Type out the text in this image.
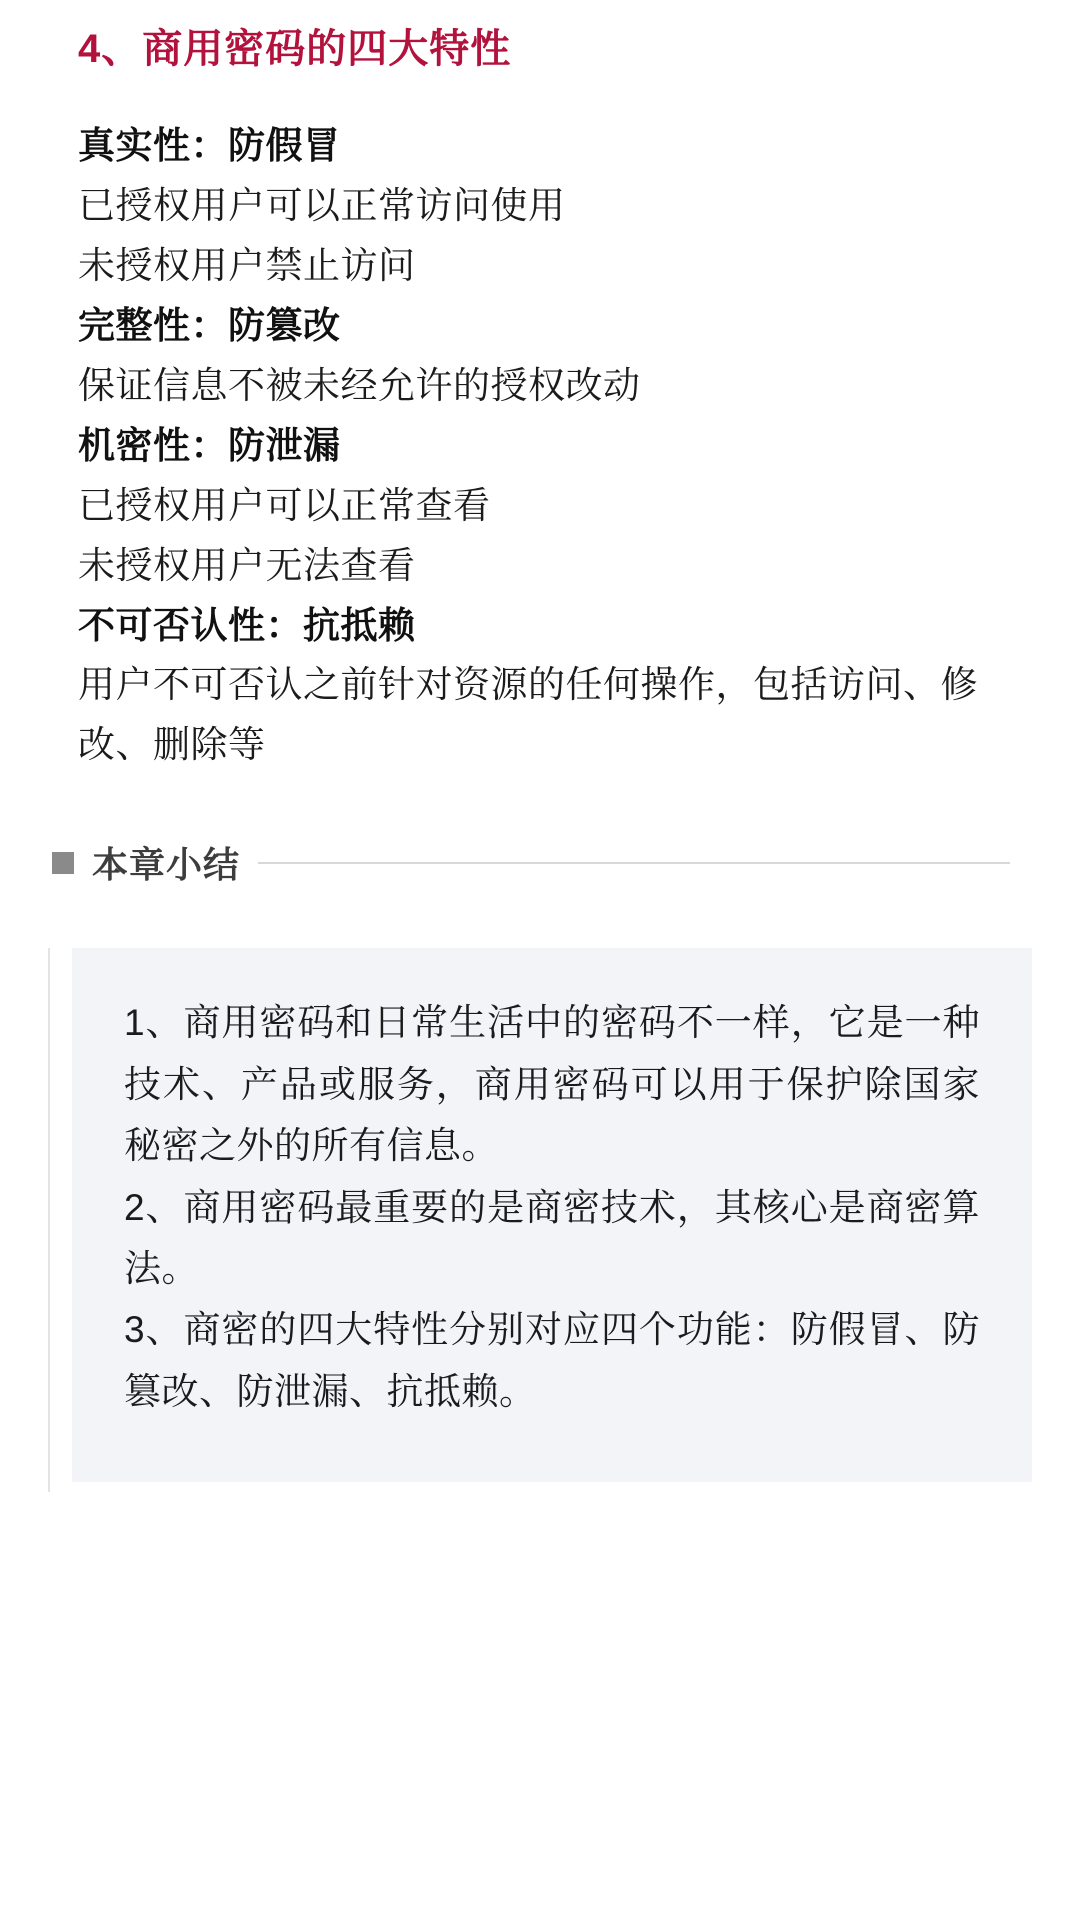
4、商用密码的四大特性
真实性：防假冒
已授权用户可以正常访问使用
未授权用户禁止访问
完整性：防篡改
保证信息不被未经允许的授权改动
机密性：防泄漏
已授权用户可以正常查看
未授权用户无法查看
不可否认性：抗抵赖
用户不可否认之前针对资源的任何操作，包括访问、修改、删除等
本章小结

1、商用密码和日常生活中的密码不一样，它是一种技术、产品或服务，商用密码可以用于保护除国家秘密之外的所有信息。

2、商用密码最重要的是商密技术，其核心是商密算法。

3、商密的四大特性分别对应四个功能：防假冒、防篡改、防泄漏、抗抵赖。
